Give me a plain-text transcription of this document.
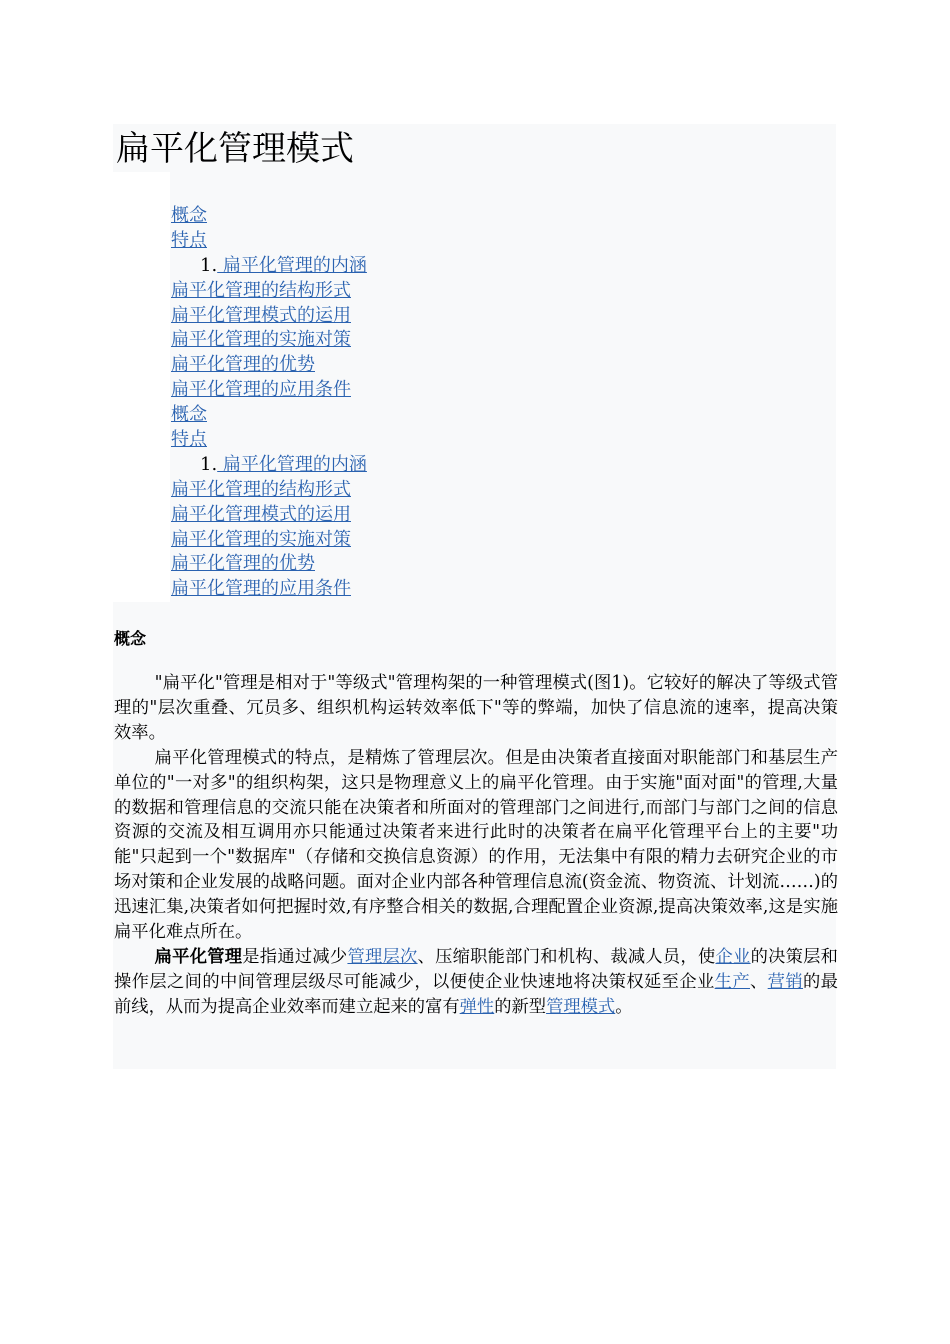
扁平化管理模式
概念
特点
1. 扁平化管理的内涵
扁平化管理的结构形式
扁平化管理模式的运用
扁平化管理的实施对策
扁平化管理的优势
扁平化管理的应用条件
概念
特点
1. 扁平化管理的内涵
扁平化管理的结构形式
扁平化管理模式的运用
扁平化管理的实施对策
扁平化管理的优势
扁平化管理的应用条件
概念

"扁平化"管理是相对于"等级式"管理构架的一种管理模式(图1)。它较好的解决了等级式管理的"层次重叠、冗员多、组织机构运转效率低下"等的弊端，加快了信息流的速率，提高决策效率。

扁平化管理模式的特点，是精炼了管理层次。但是由决策者直接面对职能部门和基层生产单位的"一对多"的组织构架，这只是物理意义上的扁平化管理。由于实施"面对面"的管理,大量的数据和管理信息的交流只能在决策者和所面对的管理部门之间进行,而部门与部门之间的信息资源的交流及相互调用亦只能通过决策者来进行此时的决策者在扁平化管理平台上的主要"功能"只起到一个"数据库"（存储和交换信息资源）的作用，无法集中有限的精力去研究企业的市场对策和企业发展的战略问题。面对企业内部各种管理信息流(资金流、物资流、计划流……)的迅速汇集,决策者如何把握时效,有序整合相关的数据,合理配置企业资源,提高决策效率,这是实施扁平化难点所在。

扁平化管理是指通过减少管理层次、压缩职能部门和机构、裁减人员，使企业的决策层和操作层之间的中间管理层级尽可能减少，以便使企业快速地将决策权延至企业生产、营销的最前线，从而为提高企业效率而建立起来的富有弹性的新型管理模式。
